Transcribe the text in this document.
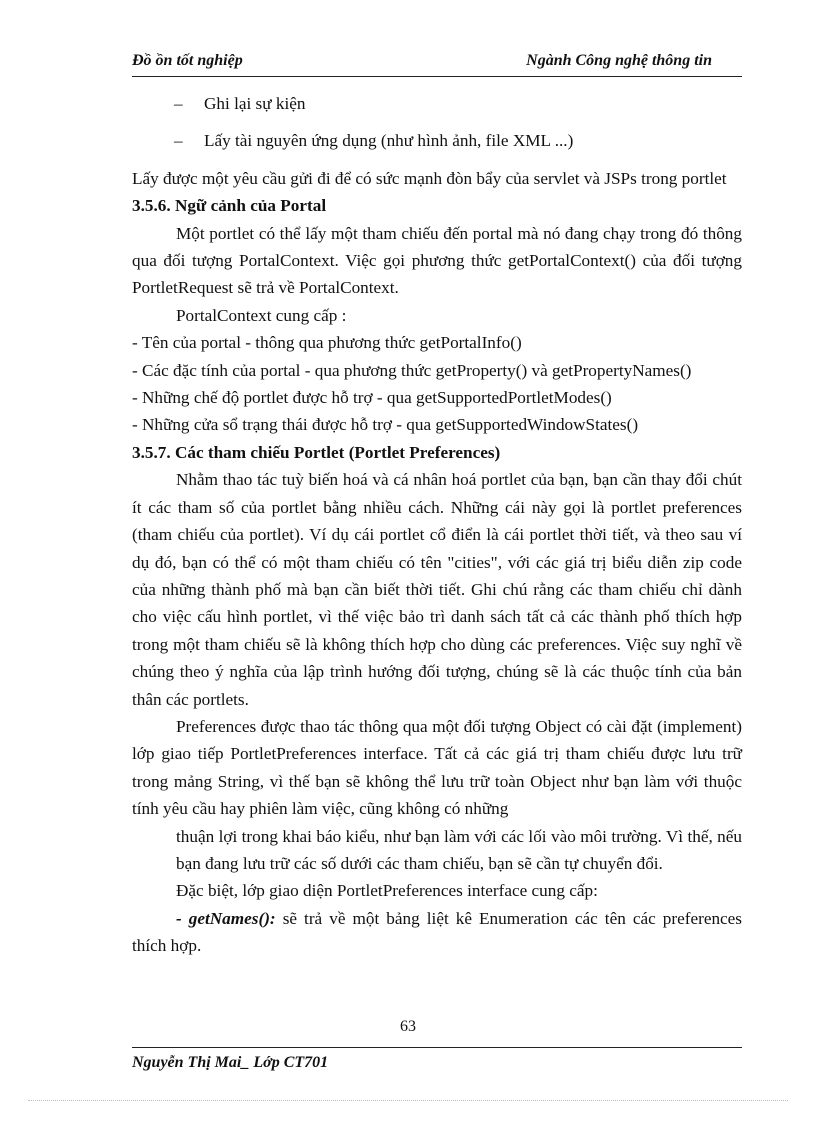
Đồ ồn tốt nghiệp	Ngành Công nghệ thông tin

– Ghi lại sự kiện

– Lấy tài nguyên ứng dụng (như hình ảnh, file XML ...)

Lấy được một yêu cầu gửi đi để có sức mạnh đòn bẩy của servlet và JSPs trong portlet

3.5.6. Ngữ cảnh của Portal

Một portlet có thể lấy một tham chiếu đến portal mà nó đang chạy trong đó thông qua đối tượng PortalContext. Việc gọi phương thức getPortalContext() của đối tượng PortletRequest sẽ trả về PortalContext.

PortalContext cung cấp :

- Tên của portal - thông qua phương thức getPortalInfo()

- Các đặc tính của portal - qua phương thức getProperty() và getPropertyNames()

- Những chế độ portlet được hỗ trợ - qua getSupportedPortletModes()

- Những cửa sổ trạng thái được hỗ trợ - qua getSupportedWindowStates()

3.5.7. Các tham chiếu Portlet (Portlet Preferences)

Nhằm thao tác tuỳ biến hoá và cá nhân hoá portlet của bạn, bạn cần thay đổi chút ít các tham số của portlet bằng nhiều cách. Những cái này gọi là portlet preferences (tham chiếu của portlet). Ví dụ cái portlet cổ điển là cái portlet thời tiết, và theo sau ví dụ đó, bạn có thể có một tham chiếu có tên "cities", với các giá trị biểu diễn zip code của những thành phố mà bạn cần biết thời tiết. Ghi chú rằng các tham chiếu chỉ dành cho việc cấu hình portlet, vì thế việc bảo trì danh sách tất cả các thành phố thích hợp trong một tham chiếu sẽ là không thích hợp cho dùng các preferences. Việc suy nghĩ về chúng theo ý nghĩa của lập trình hướng đối tượng, chúng sẽ là các thuộc tính của bản thân các portlets.

Preferences được thao tác thông qua một đối tượng Object có cài đặt (implement) lớp giao tiếp PortletPreferences interface. Tất cả các giá trị tham chiếu được lưu trữ trong mảng String, vì thế bạn sẽ không thể lưu trữ toàn Object như bạn làm với thuộc tính yêu cầu hay phiên làm việc, cũng không có những

thuận lợi trong khai báo kiểu, như bạn làm với các lối vào môi trường. Vì thế, nếu bạn đang lưu trữ các số dưới các tham chiếu, bạn sẽ cần tự chuyển đổi.

Đặc biệt, lớp giao diện PortletPreferences interface cung cấp:

- getNames(): sẽ trả về một bảng liệt kê Enumeration các tên các preferences thích hợp.

63
Nguyễn Thị Mai_ Lớp CT701
